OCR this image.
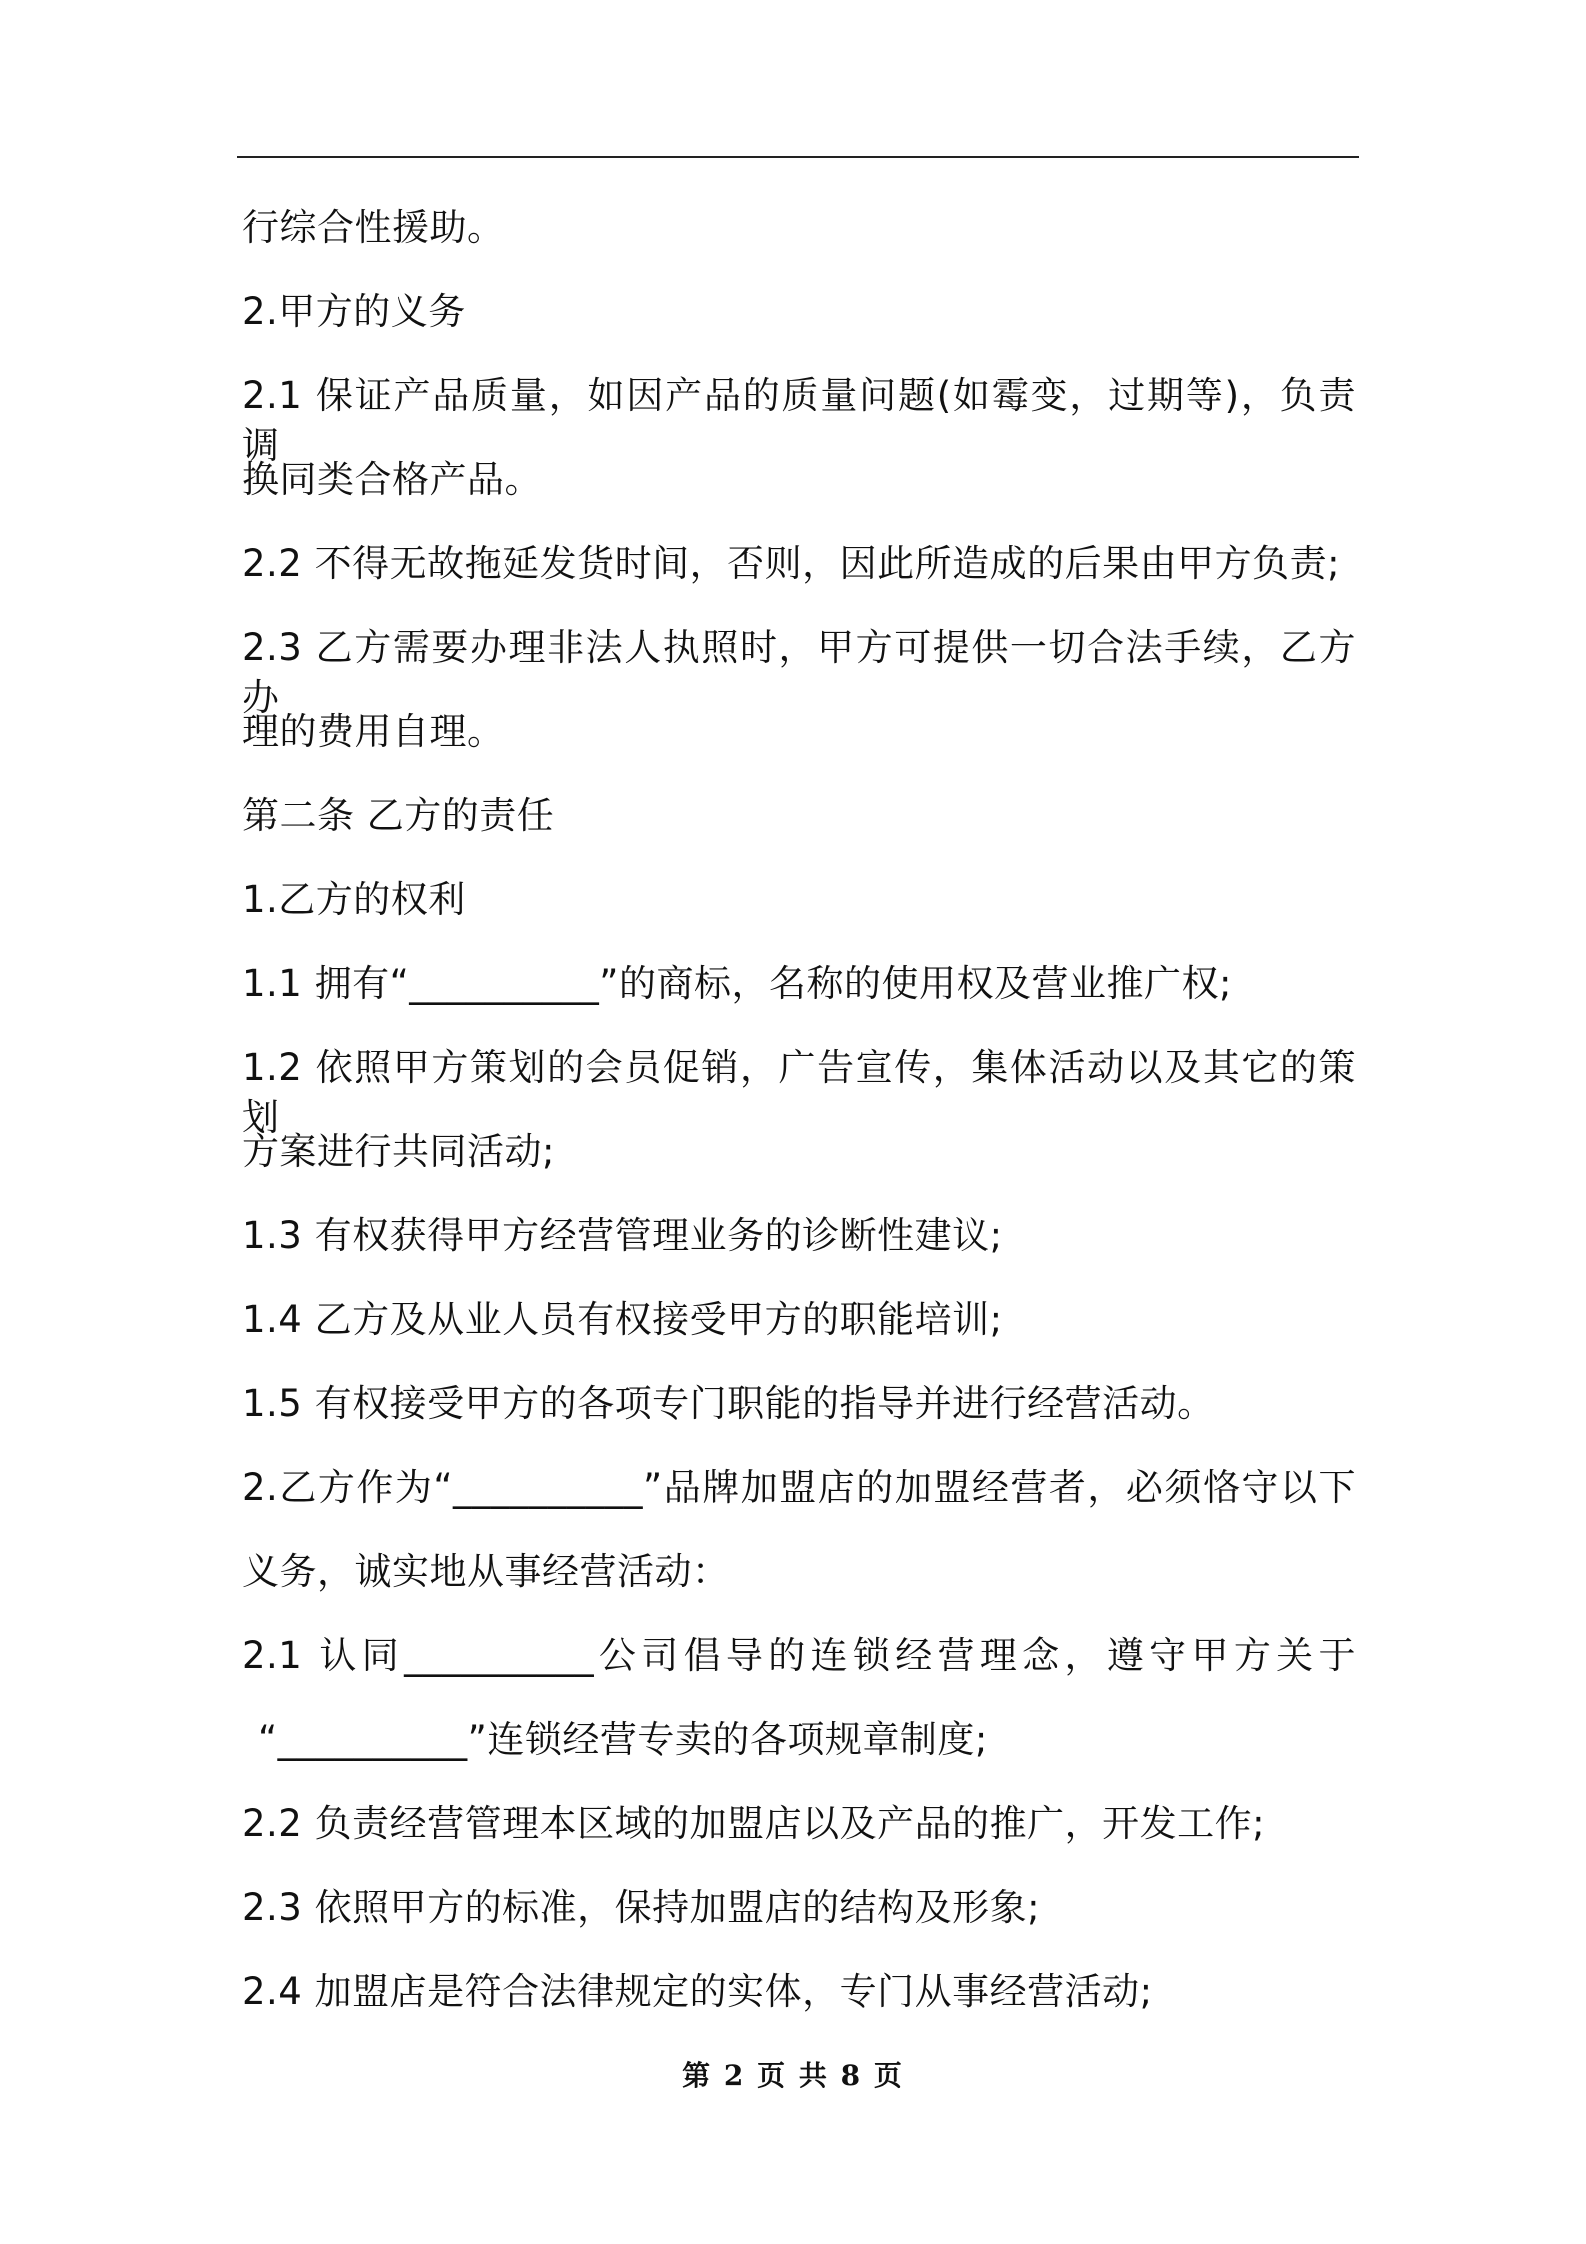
行综合性援助。
2.甲方的义务
2.1 保证产品质量，如因产品的质量问题(如霉变，过期等)，负责调
换同类合格产品。
2.2 不得无故拖延发货时间，否则，因此所造成的后果由甲方负责;
2.3 乙方需要办理非法人执照时，甲方可提供一切合法手续，乙方办
理的费用自理。
第二条 乙方的责任
1.乙方的权利
1.1 拥有“__________”的商标，名称的使用权及营业推广权;
1.2 依照甲方策划的会员促销，广告宣传，集体活动以及其它的策划
方案进行共同活动;
1.3 有权获得甲方经营管理业务的诊断性建议;
1.4 乙方及从业人员有权接受甲方的职能培训;
1.5 有权接受甲方的各项专门职能的指导并进行经营活动。
2.乙方作为“__________”品牌加盟店的加盟经营者，必须恪守以下
义务，诚实地从事经营活动：
2.1 认同__________公司倡导的连锁经营理念，遵守甲方关于
“__________”连锁经营专卖的各项规章制度;
2.2 负责经营管理本区域的加盟店以及产品的推广，开发工作;
2.3 依照甲方的标准，保持加盟店的结构及形象;
2.4 加盟店是符合法律规定的实体，专门从事经营活动;
第 2 页 共 8 页
